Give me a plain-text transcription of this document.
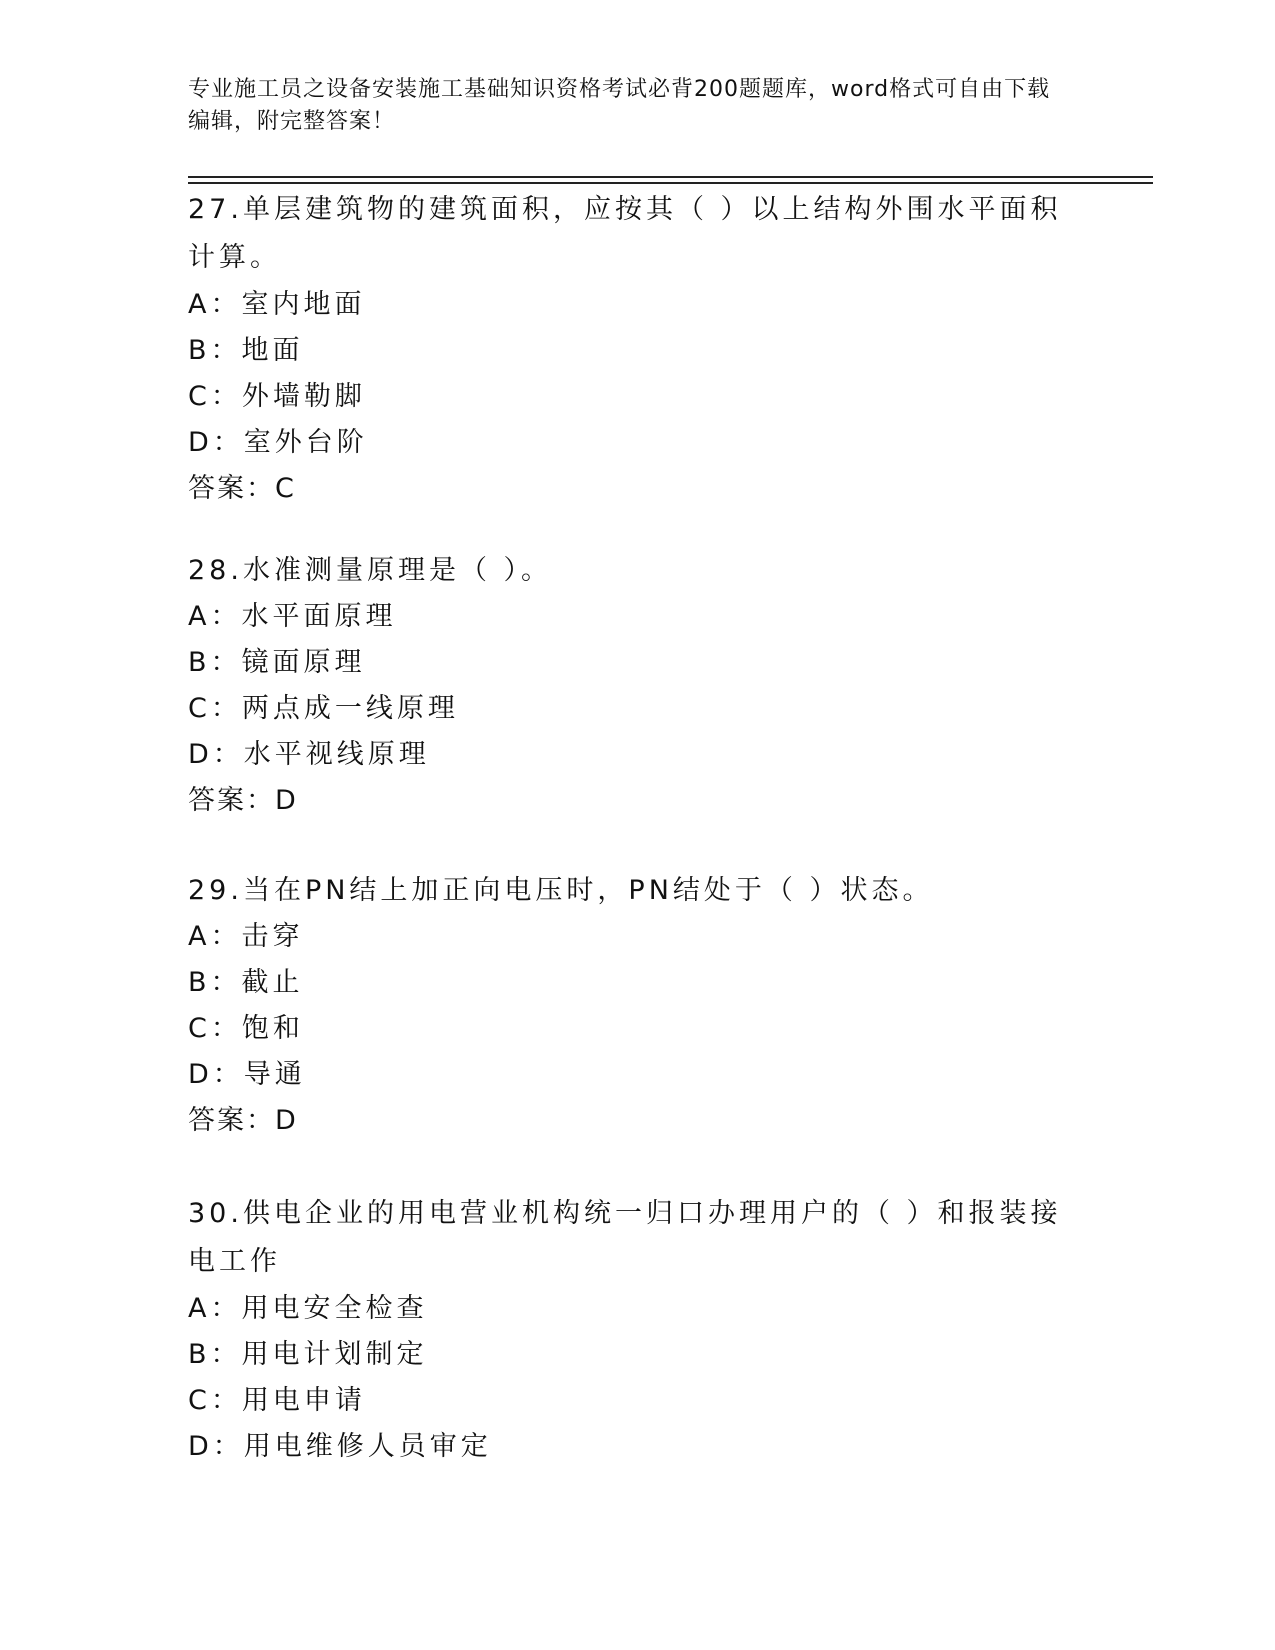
专业施工员之设备安装施工基础知识资格考试必背200题题库，word格式可自由下载编辑，附完整答案！
27.单层建筑物的建筑面积，应按其（ ）以上结构外围水平面积计算。
A：室内地面
B：地面
C：外墙勒脚
D：室外台阶
答案：C
28.水准测量原理是（ ）。
A：水平面原理
B：镜面原理
C：两点成一线原理
D：水平视线原理
答案：D
29.当在PN结上加正向电压时，PN结处于（ ）状态。
A：击穿
B：截止
C：饱和
D：导通
答案：D
30.供电企业的用电营业机构统一归口办理用户的（ ）和报装接电工作
A：用电安全检查
B：用电计划制定
C：用电申请
D：用电维修人员审定
